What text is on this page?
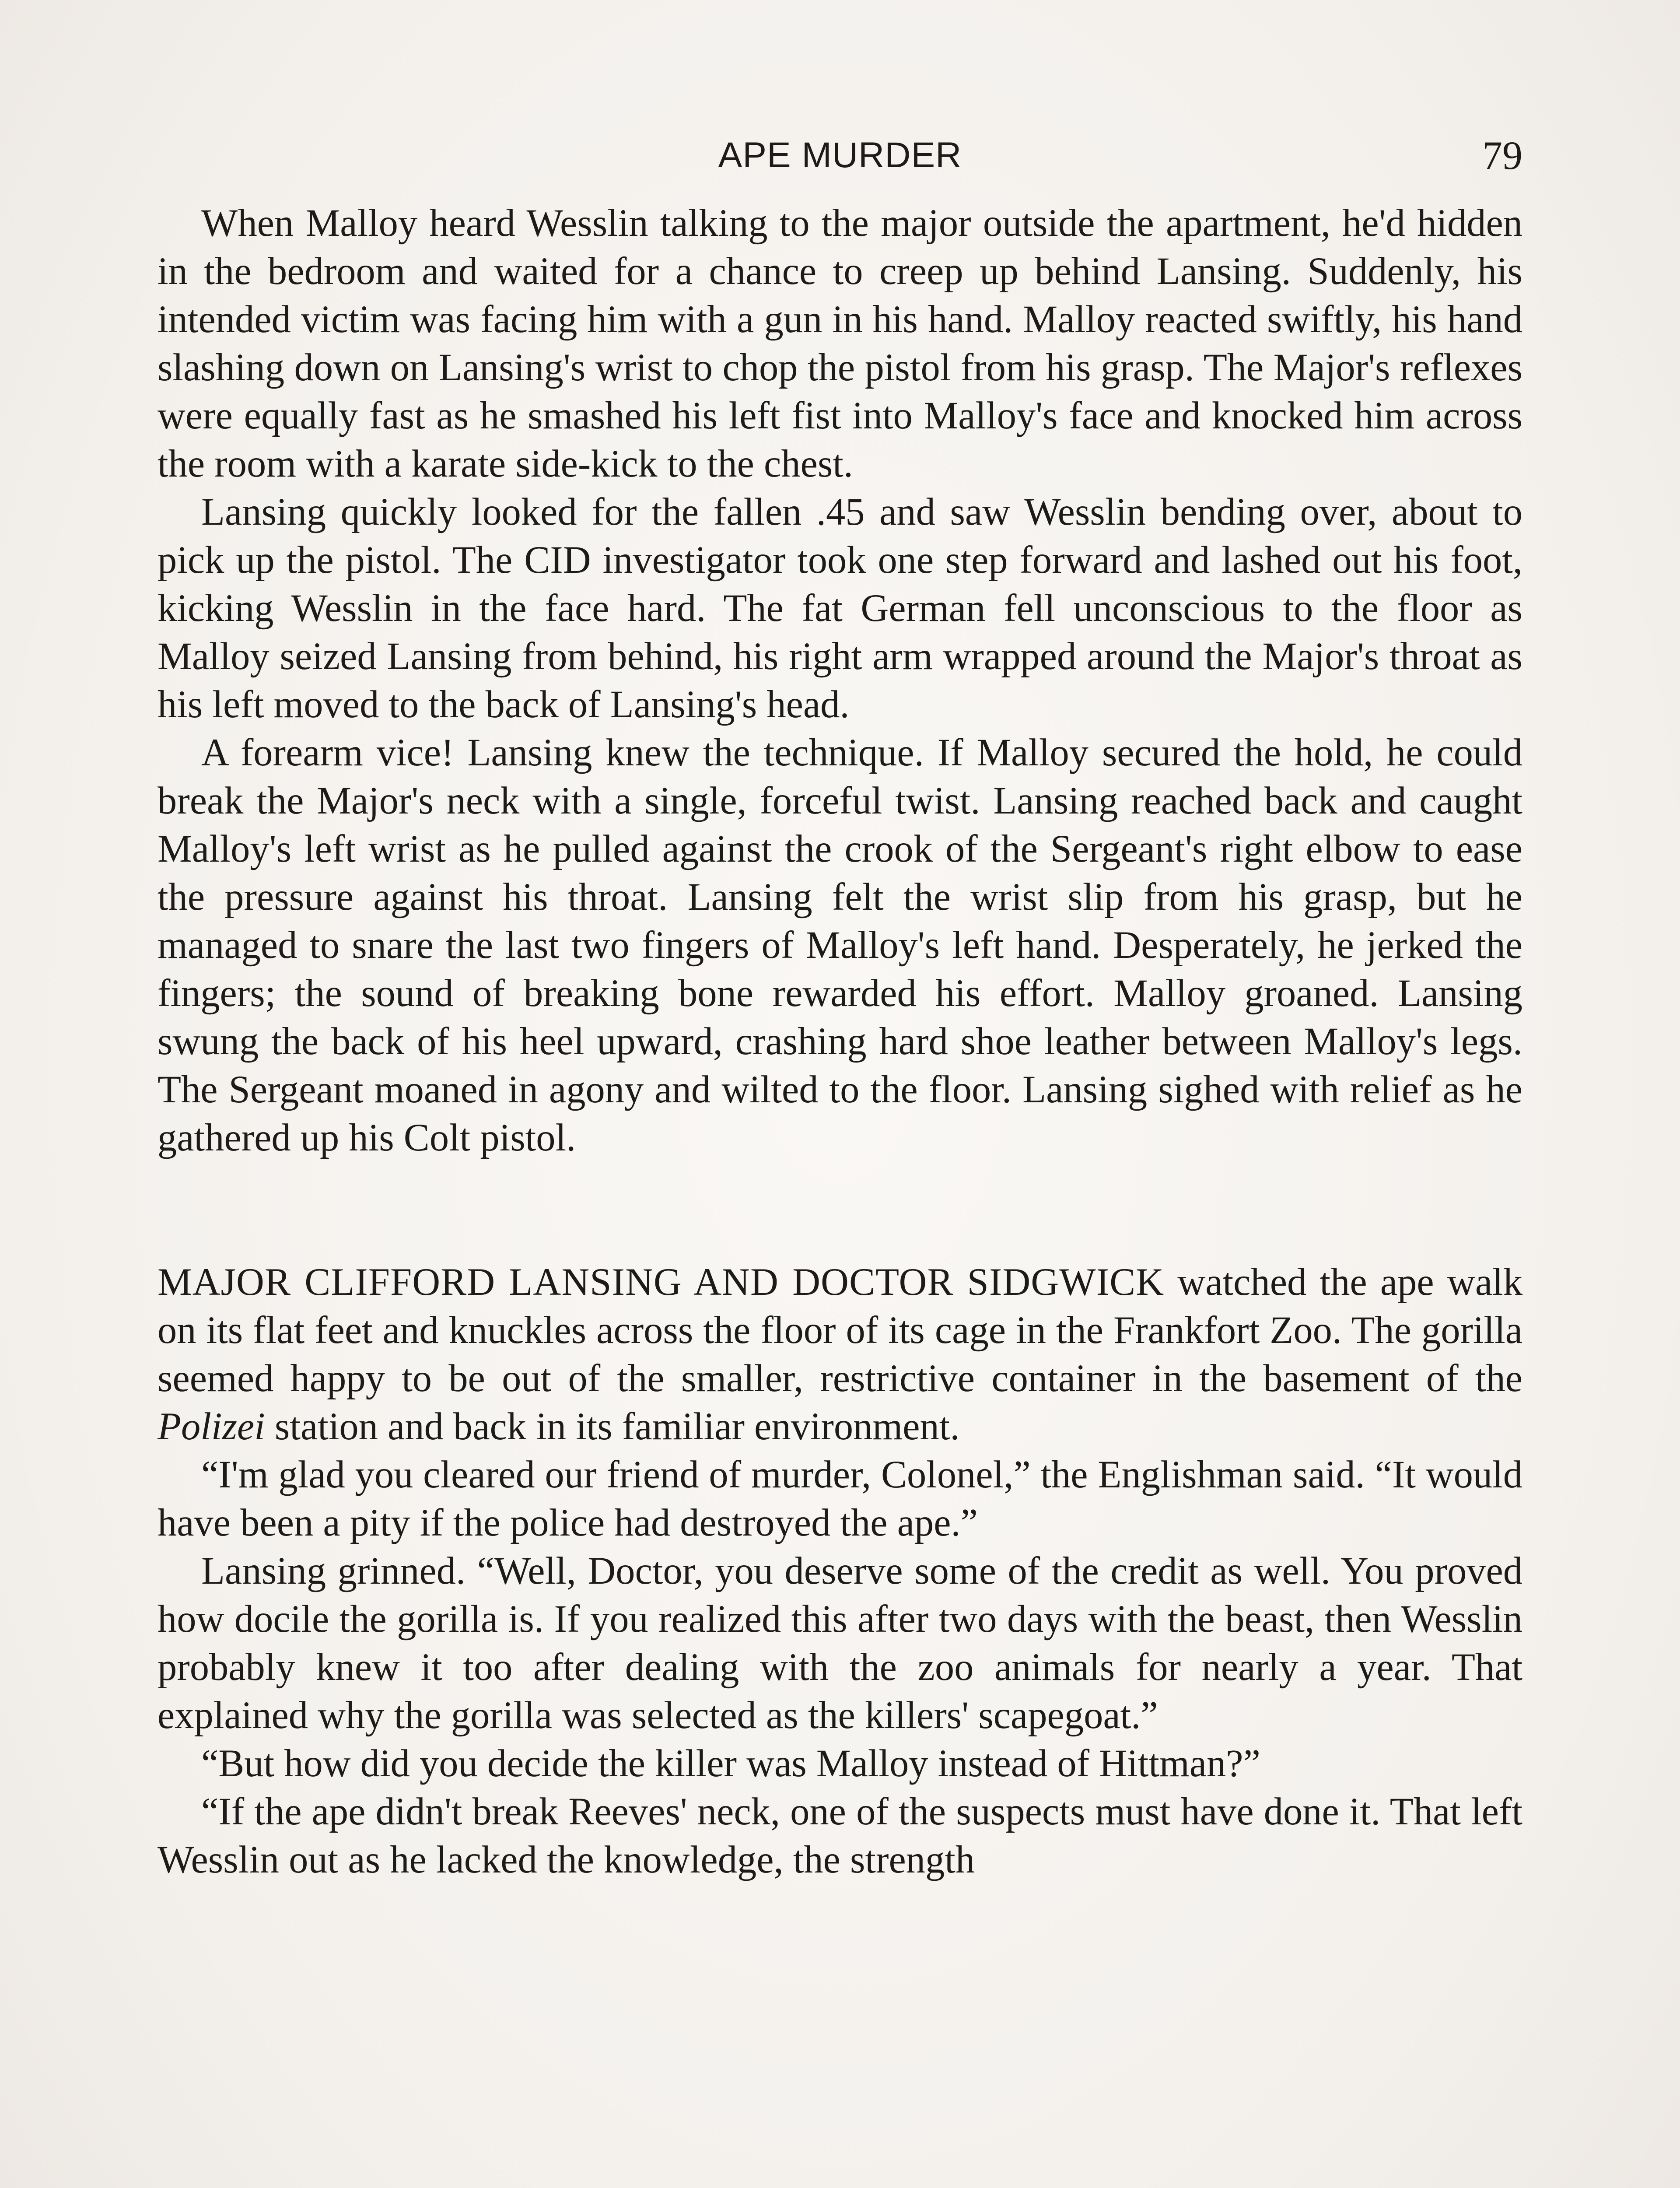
APE MURDER	79

When Malloy heard Wesslin talking to the major outside the apartment, he'd hidden in the bedroom and waited for a chance to creep up behind Lansing. Suddenly, his intended victim was facing him with a gun in his hand. Malloy reacted swiftly, his hand slashing down on Lansing's wrist to chop the pistol from his grasp. The Major's reflexes were equally fast as he smashed his left fist into Malloy's face and knocked him across the room with a karate side-kick to the chest.

Lansing quickly looked for the fallen .45 and saw Wesslin bending over, about to pick up the pistol. The CID investigator took one step forward and lashed out his foot, kicking Wesslin in the face hard. The fat German fell unconscious to the floor as Malloy seized Lansing from behind, his right arm wrapped around the Major's throat as his left moved to the back of Lansing's head.

A forearm vice! Lansing knew the technique. If Malloy secured the hold, he could break the Major's neck with a single, forceful twist. Lansing reached back and caught Malloy's left wrist as he pulled against the crook of the Sergeant's right elbow to ease the pressure against his throat. Lansing felt the wrist slip from his grasp, but he managed to snare the last two fingers of Malloy's left hand. Desperately, he jerked the fingers; the sound of breaking bone rewarded his effort. Malloy groaned. Lansing swung the back of his heel upward, crashing hard shoe leather between Malloy's legs. The Sergeant moaned in agony and wilted to the floor. Lansing sighed with relief as he gathered up his Colt pistol.

MAJOR CLIFFORD LANSING AND DOCTOR SIDGWICK watched the ape walk on its flat feet and knuckles across the floor of its cage in the Frankfort Zoo. The gorilla seemed happy to be out of the smaller, restrictive container in the basement of the Polizei station and back in its familiar environment.

“I'm glad you cleared our friend of murder, Colonel,” the Englishman said. “It would have been a pity if the police had destroyed the ape.”

Lansing grinned. “Well, Doctor, you deserve some of the credit as well. You proved how docile the gorilla is. If you realized this after two days with the beast, then Wesslin probably knew it too after dealing with the zoo animals for nearly a year. That explained why the gorilla was selected as the killers' scapegoat.”

“But how did you decide the killer was Malloy instead of Hittman?”

“If the ape didn't break Reeves' neck, one of the suspects must have done it. That left Wesslin out as he lacked the knowledge, the strength
